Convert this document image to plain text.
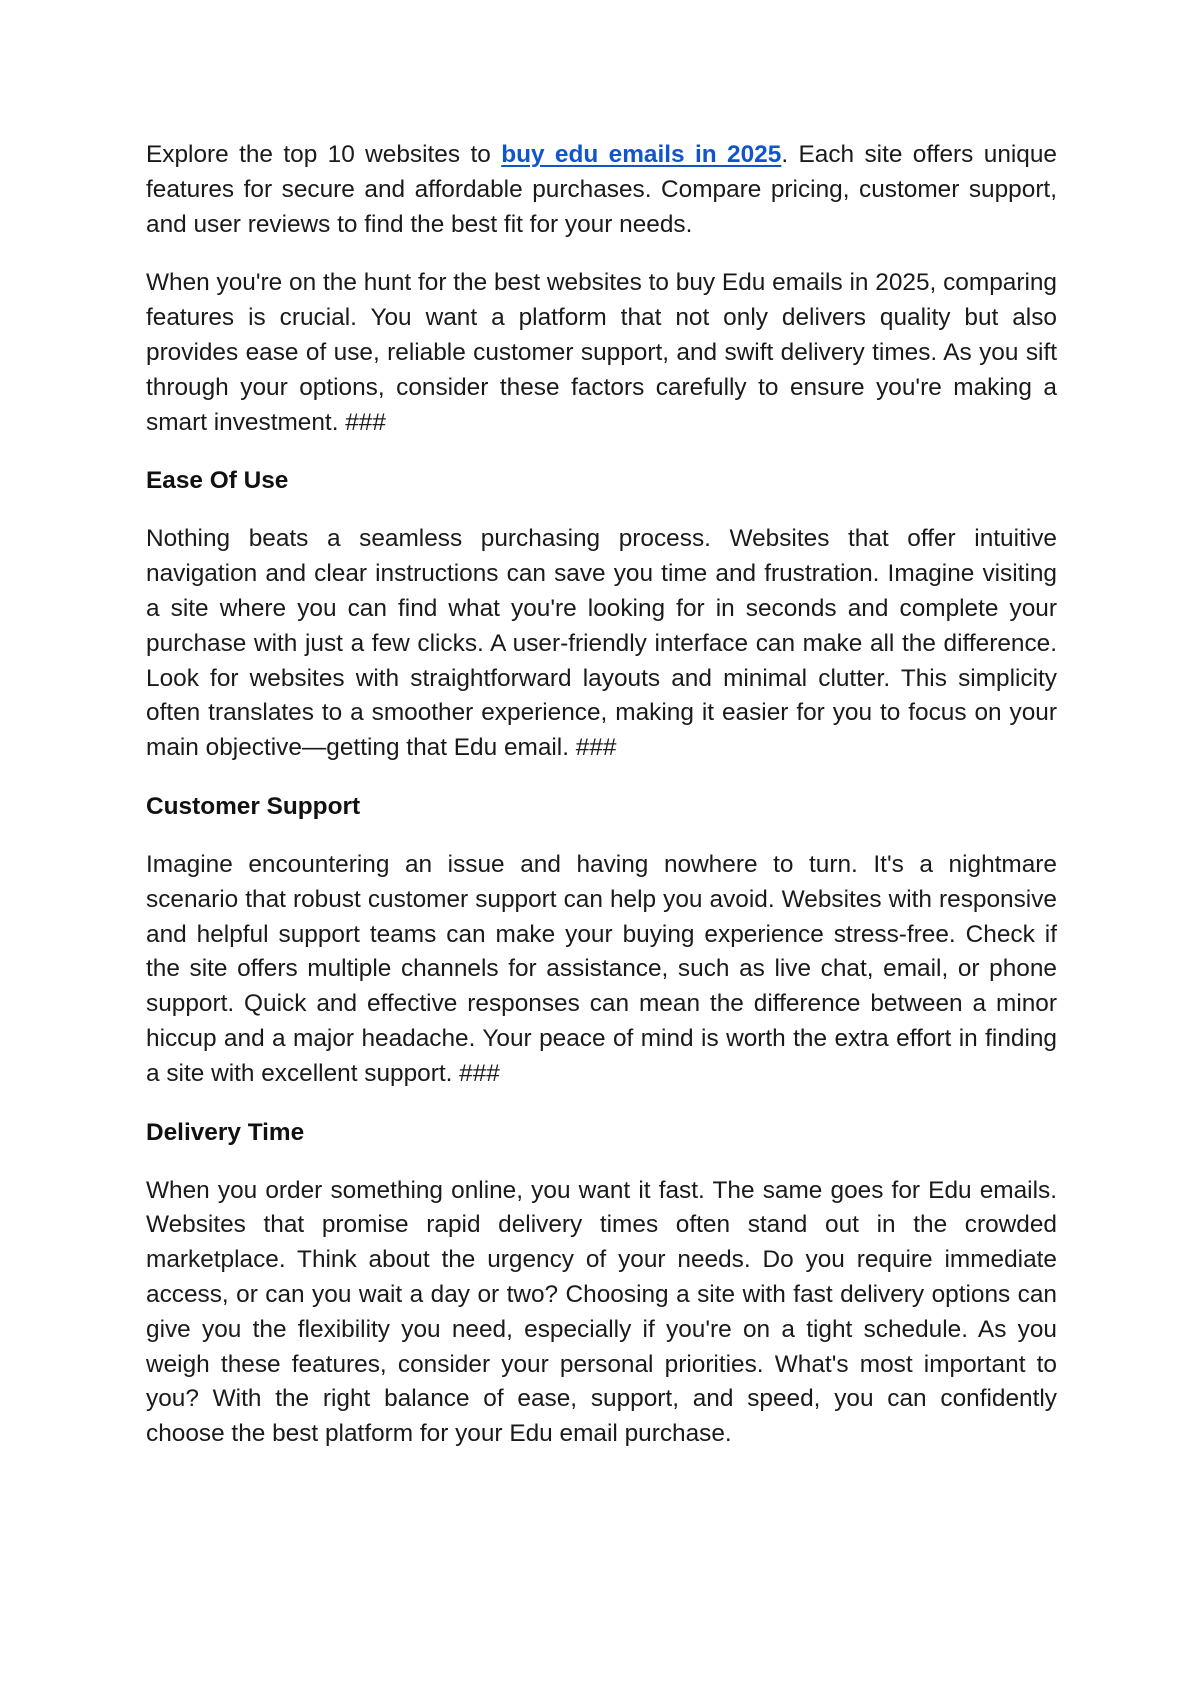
Explore the top 10 websites to buy edu emails in 2025. Each site offers unique features for secure and affordable purchases. Compare pricing, customer support, and user reviews to find the best fit for your needs.

When you're on the hunt for the best websites to buy Edu emails in 2025, comparing features is crucial. You want a platform that not only delivers quality but also provides ease of use, reliable customer support, and swift delivery times. As you sift through your options, consider these factors carefully to ensure you're making a smart investment. ###

Ease Of Use

Nothing beats a seamless purchasing process. Websites that offer intuitive navigation and clear instructions can save you time and frustration. Imagine visiting a site where you can find what you're looking for in seconds and complete your purchase with just a few clicks. A user-friendly interface can make all the difference. Look for websites with straightforward layouts and minimal clutter. This simplicity often translates to a smoother experience, making it easier for you to focus on your main objective—getting that Edu email. ###

Customer Support

Imagine encountering an issue and having nowhere to turn. It's a nightmare scenario that robust customer support can help you avoid. Websites with responsive and helpful support teams can make your buying experience stress-free. Check if the site offers multiple channels for assistance, such as live chat, email, or phone support. Quick and effective responses can mean the difference between a minor hiccup and a major headache. Your peace of mind is worth the extra effort in finding a site with excellent support. ###

Delivery Time

When you order something online, you want it fast. The same goes for Edu emails. Websites that promise rapid delivery times often stand out in the crowded marketplace. Think about the urgency of your needs. Do you require immediate access, or can you wait a day or two? Choosing a site with fast delivery options can give you the flexibility you need, especially if you're on a tight schedule. As you weigh these features, consider your personal priorities. What's most important to you? With the right balance of ease, support, and speed, you can confidently choose the best platform for your Edu email purchase.
